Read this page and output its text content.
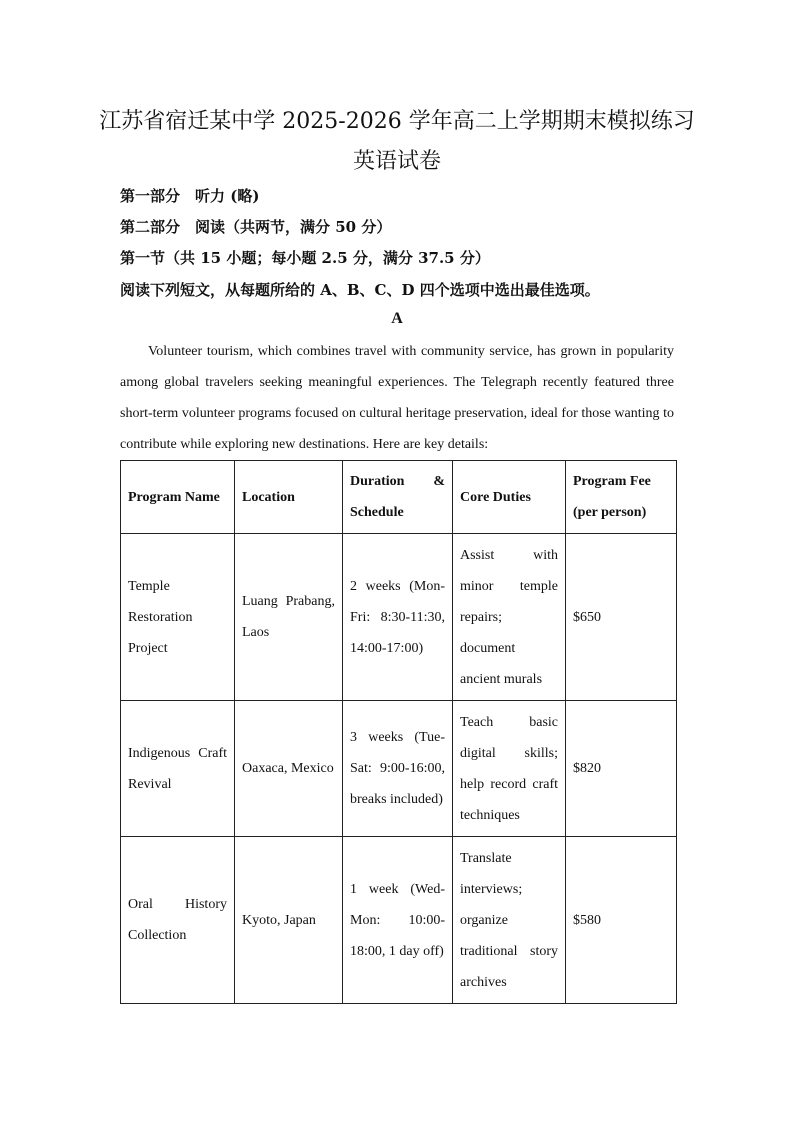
江苏省宿迁某中学 2025-2026 学年高二上学期期末模拟练习
英语试卷
第一部分　听力 (略)
第二部分　阅读（共两节，满分 50 分）
第一节（共 15 小题；每小题 2.5 分，满分 37.5 分）
阅读下列短文，从每题所给的 A、B、C、D 四个选项中选出最佳选项。
A

Volunteer tourism, which combines travel with community service, has grown in popularity among global travelers seeking meaningful experiences. The Telegraph recently featured three short-term volunteer programs focused on cultural heritage preservation, ideal for those wanting to contribute while exploring new destinations. Here are key details:

Program Name	Location	Duration & Schedule	Core Duties	Program Fee (per person)
Temple Restoration Project	Luang Prabang, Laos	2 weeks (Mon-Fri: 8:30-11:30, 14:00-17:00)	Assist with minor temple repairs; document ancient murals	$650
Indigenous Craft Revival	Oaxaca, Mexico	3 weeks (Tue-Sat: 9:00-16:00, breaks included)	Teach basic digital skills; help record craft techniques	$820
Oral History Collection	Kyoto, Japan	1 week (Wed-Mon: 10:00-18:00, 1 day off)	Translate interviews; organize traditional story archives	$580
